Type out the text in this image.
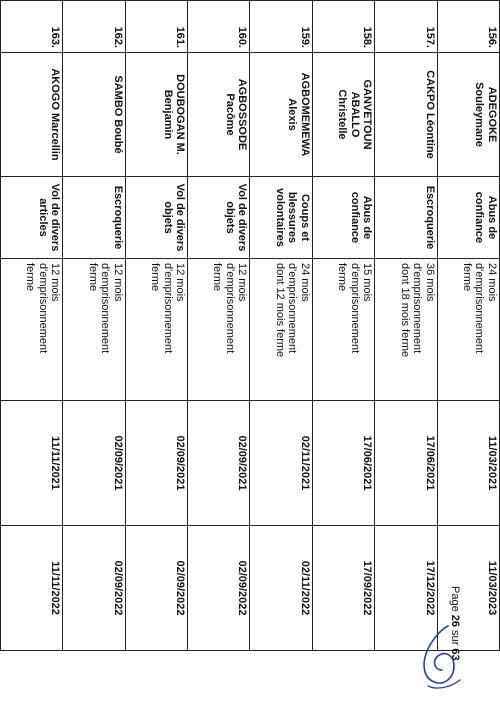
156.	ADEGOKE
Souleymane	Abus de
confiance	24 mois
d'emprisonnement
ferme	11/03/2021	11/03/2023
157.	CAKPO Léontine	Escroquerie	36 mois
d'emprisonnement
dont 18 mois ferme	17/06/2021	17/12/2022
158.	GANVETOUN
ABALLO
Christelle	Abus de
confiance	15 mois
d'emprisonnement
ferme	17/06/2021	17/09/2022
159.	AGBOMEMEWA
Alexis	Coups et
blessures
volontaires	24 mois
d'emprisonnement
dont 12 mois ferme	02/11/2021	02/11/2022
160.	AGBOSSODE
Pacôme	Vol de divers
objets	12 mois
d'emprisonnement
ferme	02/09/2021	02/09/2022
161.	DOUBOGAN M.
Benjamin	Vol de divers
objets	12 mois
d'emprisonnement
ferme	02/09/2021	02/09/2022
162.	SAMBO Boubé	Escroquerie	12 mois
d'emprisonnement
ferme	02/09/2021	02/09/2022
163.	AKOGO Marcellin	Vol de divers
articles	12 mois
d'emprisonnement
ferme	11/11/2021	11/11/2022	Page 26 sur 63
